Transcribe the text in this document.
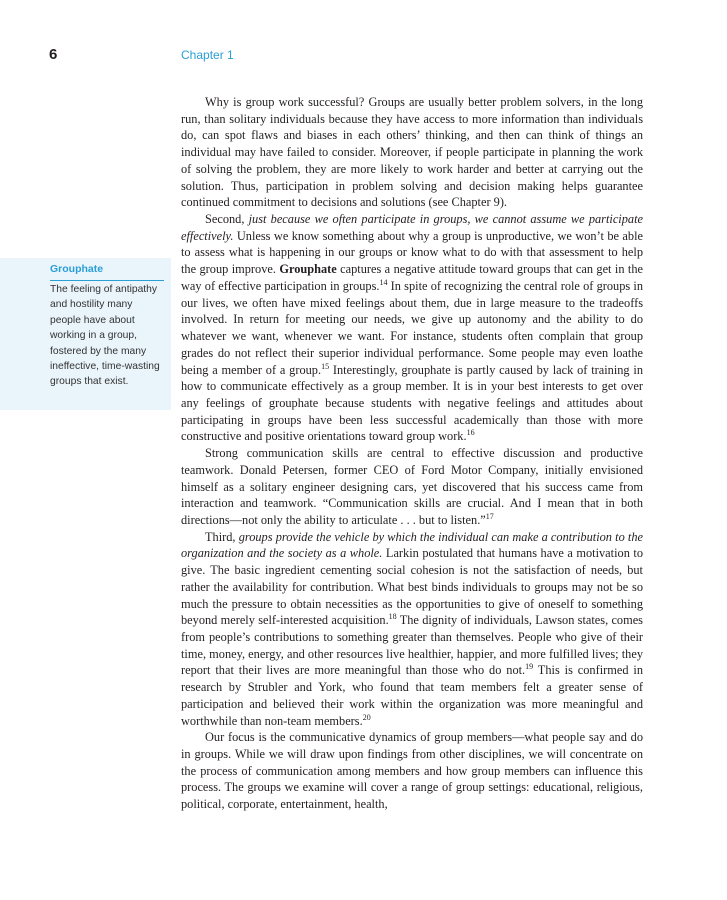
6	Chapter 1
Grouphate
The feeling of antipathy and hostility many people have about working in a group, fostered by the many ineffective, time-wasting groups that exist.

Why is group work successful? Groups are usually better problem solvers, in the long run, than solitary individuals because they have access to more information than individuals do, can spot flaws and biases in each others’ thinking, and then can think of things an individual may have failed to consider. Moreover, if people participate in planning the work of solving the problem, they are more likely to work harder and better at carrying out the solution. Thus, participation in problem solving and decision making helps guarantee continued commitment to decisions and solutions (see Chapter 9).

Second, just because we often participate in groups, we cannot assume we participate effectively. Unless we know something about why a group is unproductive, we won’t be able to assess what is happening in our groups or know what to do with that assessment to help the group improve. Grouphate captures a negative attitude toward groups that can get in the way of effective participation in groups.$^{14}$ In spite of recognizing the central role of groups in our lives, we often have mixed feelings about them, due in large measure to the tradeoffs involved. In return for meeting our needs, we give up autonomy and the ability to do whatever we want, whenever we want. For instance, students often complain that group grades do not reflect their superior individual performance. Some people may even loathe being a member of a group.$^{15}$ Interestingly, grouphate is partly caused by lack of training in how to communicate effectively as a group member. It is in your best interests to get over any feelings of grouphate because students with negative feelings and attitudes about participating in groups have been less successful academically than those with more constructive and positive orientations toward group work.$^{16}$

Strong communication skills are central to effective discussion and productive teamwork. Donald Petersen, former CEO of Ford Motor Company, initially envisioned himself as a solitary engineer designing cars, yet discovered that his success came from interaction and teamwork. “Communication skills are crucial. And I mean that in both directions—not only the ability to articulate . . . but to listen.”$^{17}$

Third, groups provide the vehicle by which the individual can make a contribution to the organization and the society as a whole. Larkin postulated that humans have a motivation to give. The basic ingredient cementing social cohesion is not the satisfaction of needs, but rather the availability for contribution. What best binds individuals to groups may not be so much the pressure to obtain necessities as the opportunities to give of oneself to something beyond merely self-interested acquisition.$^{18}$ The dignity of individuals, Lawson states, comes from people’s contributions to something greater than themselves. People who give of their time, money, energy, and other resources live healthier, happier, and more fulfilled lives; they report that their lives are more meaningful than those who do not.$^{19}$ This is confirmed in research by Strubler and York, who found that team members felt a greater sense of participation and believed their work within the organization was more meaningful and worthwhile than non-team members.$^{20}$

Our focus is the communicative dynamics of group members—what people say and do in groups. While we will draw upon findings from other disciplines, we will concentrate on the process of communication among members and how group members can influence this process. The groups we examine will cover a range of group settings: educational, religious, political, corporate, entertainment, health,
